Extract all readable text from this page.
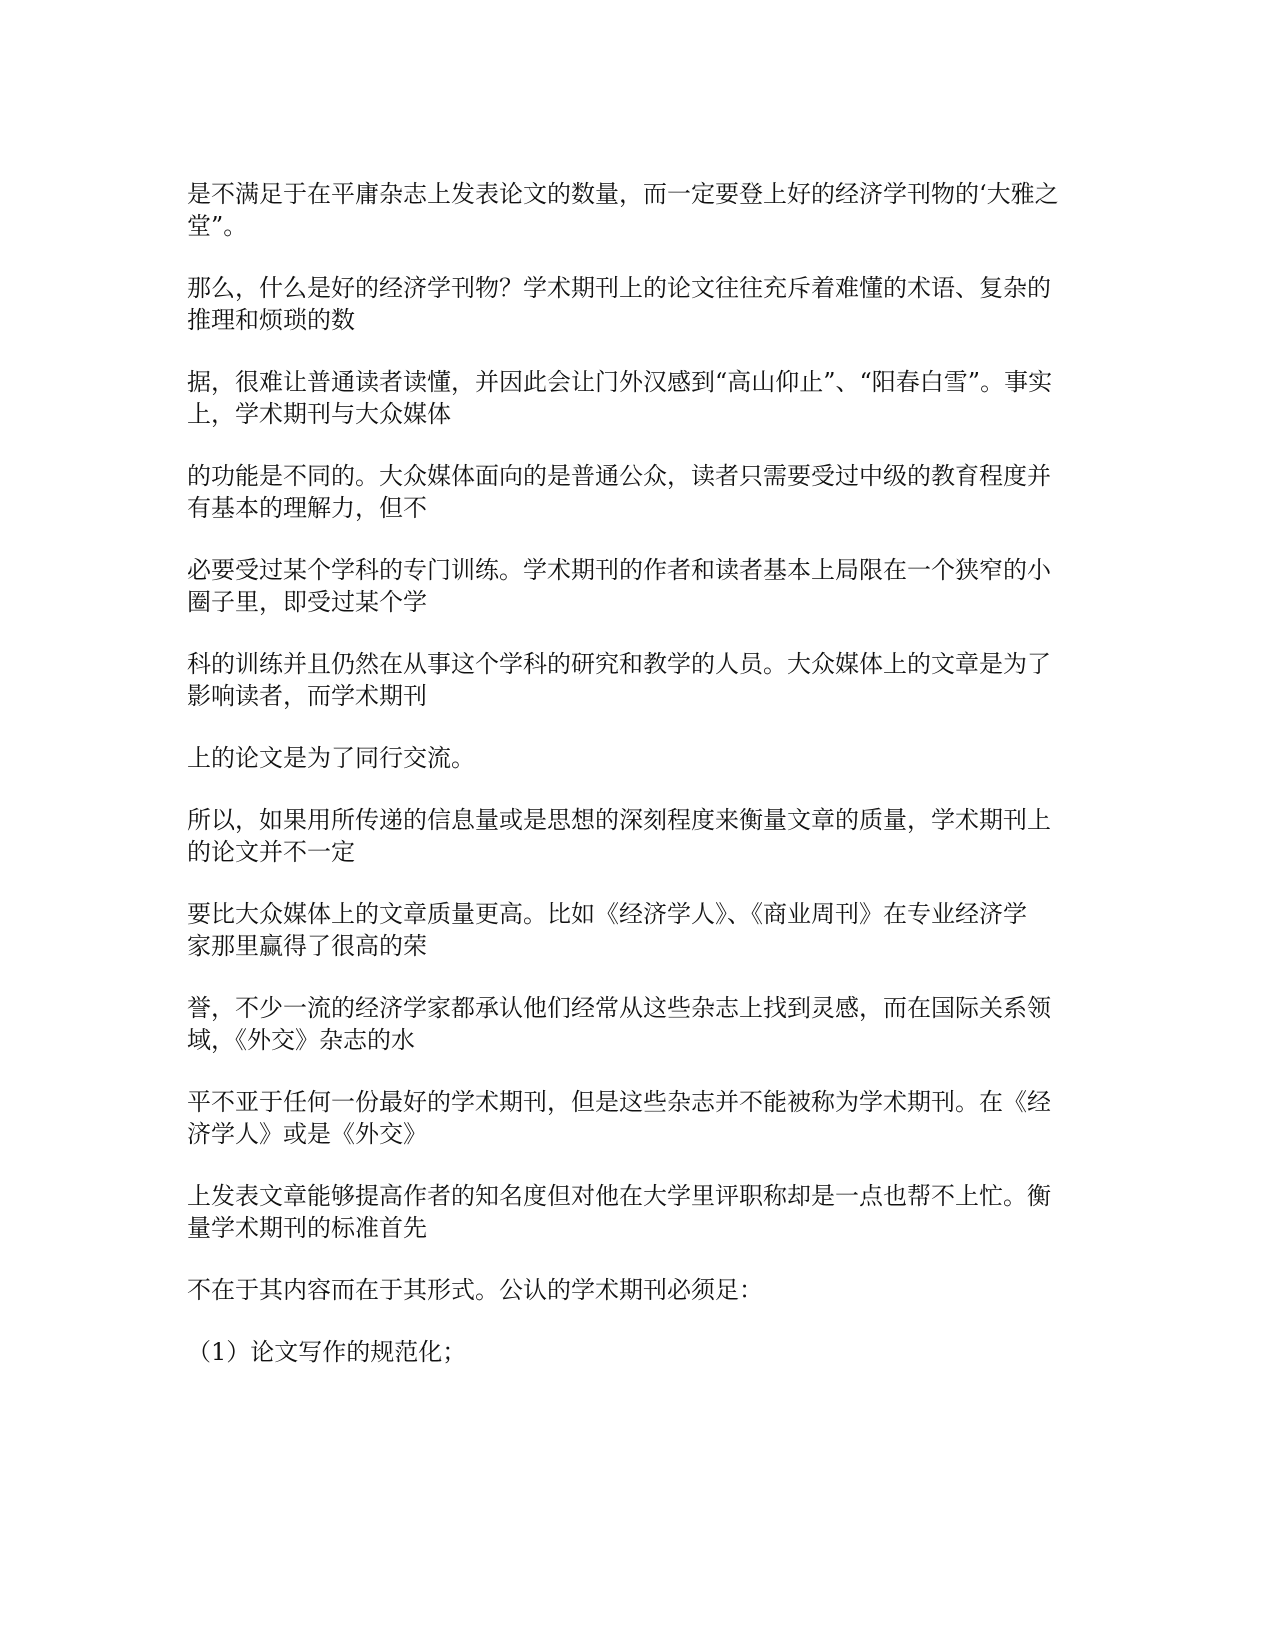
是不满足于在平庸杂志上发表论文的数量，而一定要登上好的经济学刊物的‘大雅之
堂”。

那么，什么是好的经济学刊物？学术期刊上的论文往往充斥着难懂的术语、复杂的
推理和烦琐的数

据，很难让普通读者读懂，并因此会让门外汉感到“高山仰止”、“阳春白雪”。事实
上，学术期刊与大众媒体

的功能是不同的。大众媒体面向的是普通公众，读者只需要受过中级的教育程度并
有基本的理解力，但不

必要受过某个学科的专门训练。学术期刊的作者和读者基本上局限在一个狭窄的小
圈子里，即受过某个学

科的训练并且仍然在从事这个学科的研究和教学的人员。大众媒体上的文章是为了
影响读者，而学术期刊

上的论文是为了同行交流。

所以，如果用所传递的信息量或是思想的深刻程度来衡量文章的质量，学术期刊上
的论文并不一定

要比大众媒体上的文章质量更高。比如《经济学人》、《商业周刊》在专业经济学
家那里赢得了很高的荣

誉，不少一流的经济学家都承认他们经常从这些杂志上找到灵感，而在国际关系领
域，《外交》杂志的水

平不亚于任何一份最好的学术期刊，但是这些杂志并不能被称为学术期刊。在《经
济学人》或是《外交》

上发表文章能够提高作者的知名度但对他在大学里评职称却是一点也帮不上忙。衡
量学术期刊的标准首先

不在于其内容而在于其形式。公认的学术期刊必须足：

（1）论文写作的规范化；
